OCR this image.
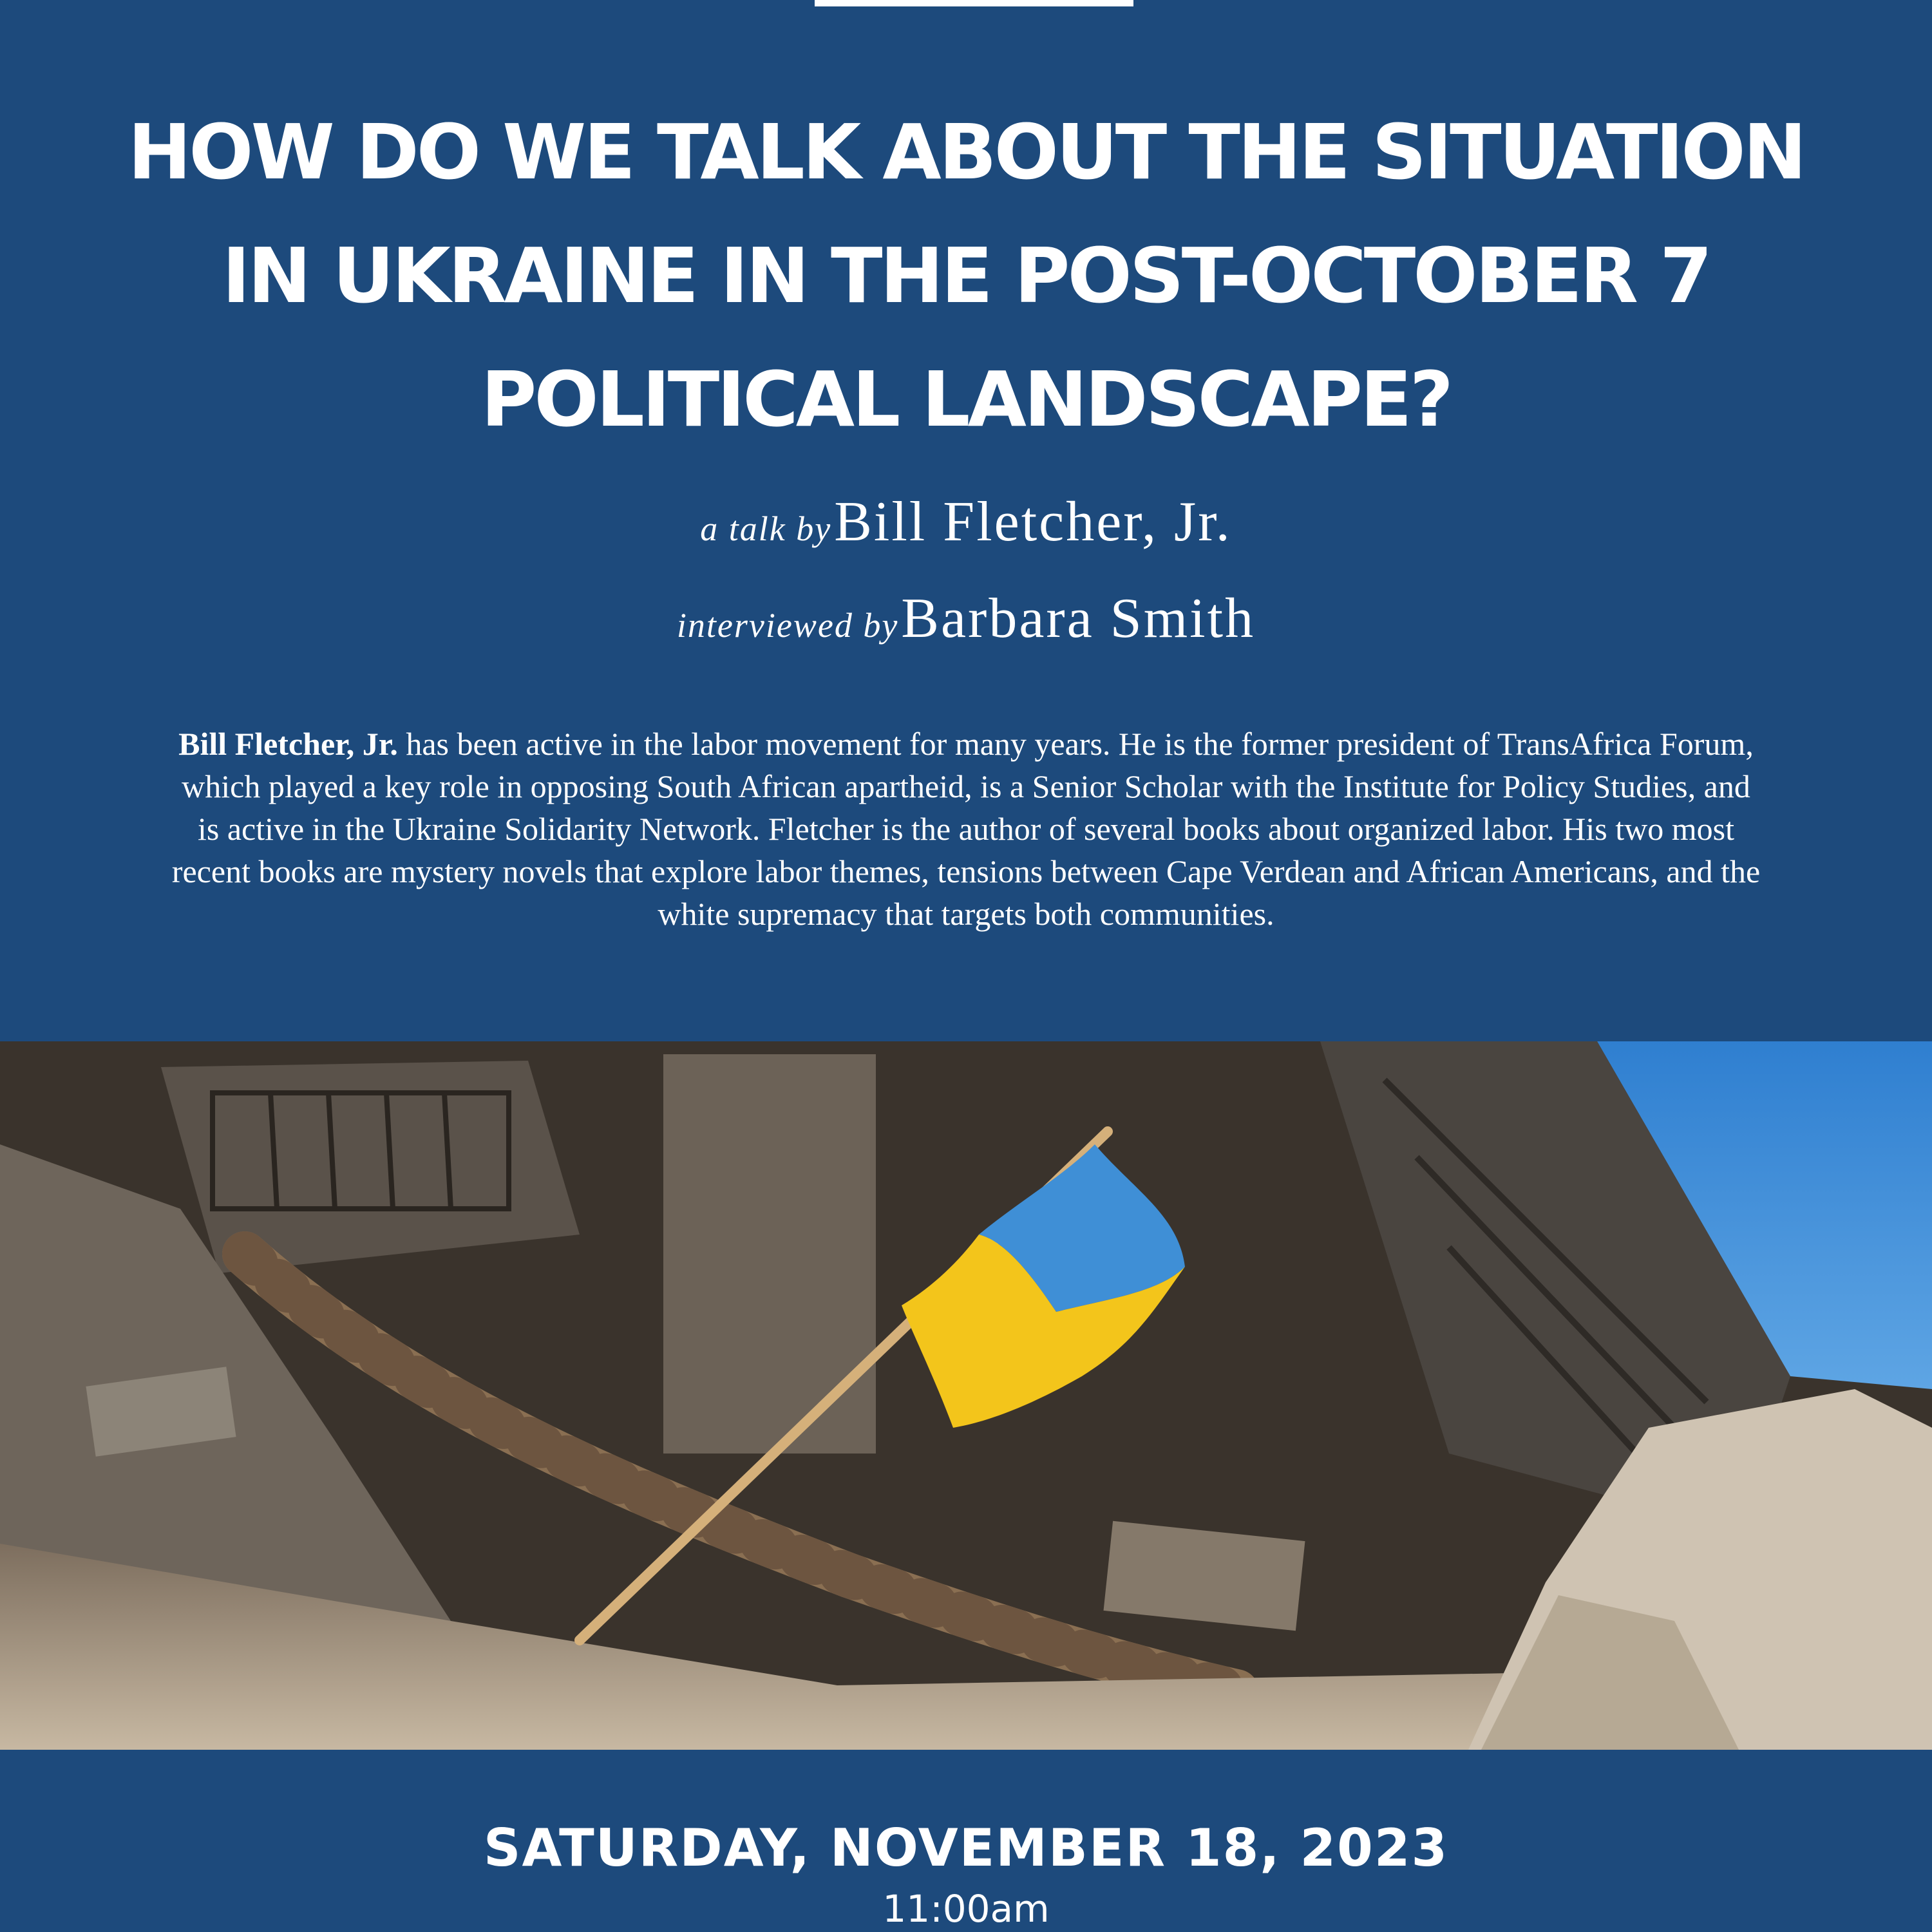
HOW DO WE TALK ABOUT THE SITUATION
IN UKRAINE IN THE POST-OCTOBER 7
POLITICAL LANDSCAPE?
a talk by Bill Fletcher, Jr.
interviewed by Barbara Smith

Bill Fletcher, Jr. has been active in the labor movement for many years. He is the former president of TransAfrica Forum, which played a key role in opposing South African apartheid, is a Senior Scholar with the Institute for Policy Studies, and is active in the Ukraine Solidarity Network. Fletcher is the author of several books about organized labor. His two most recent books are mystery novels that explore labor themes, tensions between Cape Verdean and African Americans, and the white supremacy that targets both communities.

SATURDAY, NOVEMBER 18, 2023
11:00am
